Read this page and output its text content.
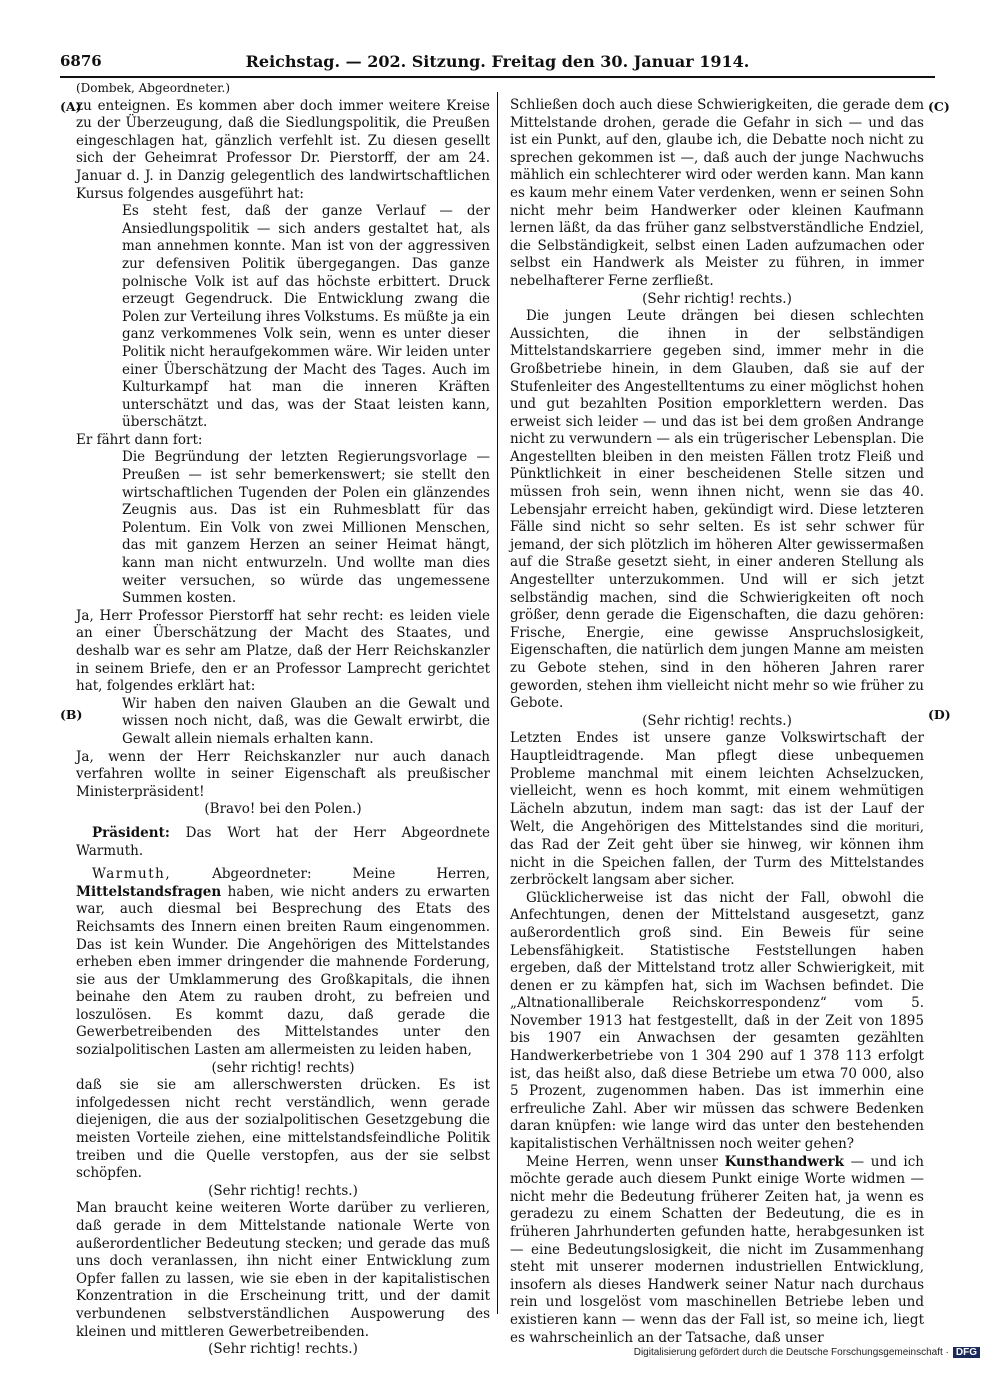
6876	Reichstag. — 202. Sitzung. Freitag den 30. Januar 1914.
(A)
(B)
(C)
(D)

(Dombek, Abgeordneter.)

zu enteignen. Es kommen aber doch immer weitere Kreise zu der Überzeugung, daß die Siedlungspolitik, die Preußen eingeschlagen hat, gänzlich verfehlt ist. Zu diesen gesellt sich der Geheimrat Professor Dr. Pierstorff, der am 24. Januar d. J. in Danzig gelegentlich des landwirtschaftlichen Kursus folgendes ausgeführt hat:

Es steht fest, daß der ganze Verlauf — der Ansiedlungspolitik — sich anders gestaltet hat, als man annehmen konnte. Man ist von der aggressiven zur defensiven Politik übergegangen. Das ganze polnische Volk ist auf das höchste erbittert. Druck erzeugt Gegendruck. Die Entwicklung zwang die Polen zur Verteilung ihres Volkstums. Es müßte ja ein ganz verkommenes Volk sein, wenn es unter dieser Politik nicht heraufgekommen wäre. Wir leiden unter einer Überschätzung der Macht des Tages. Auch im Kulturkampf hat man die inneren Kräften unterschätzt und das, was der Staat leisten kann, überschätzt.

Er fährt dann fort:

Die Begründung der letzten Regierungsvorlage — Preußen — ist sehr bemerkenswert; sie stellt den wirtschaftlichen Tugenden der Polen ein glänzendes Zeugnis aus. Das ist ein Ruhmesblatt für das Polentum. Ein Volk von zwei Millionen Menschen, das mit ganzem Herzen an seiner Heimat hängt, kann man nicht entwurzeln. Und wollte man dies weiter versuchen, so würde das ungemessene Summen kosten.

Ja, Herr Professor Pierstorff hat sehr recht: es leiden viele an einer Überschätzung der Macht des Staates, und deshalb war es sehr am Platze, daß der Herr Reichskanzler in seinem Briefe, den er an Professor Lamprecht gerichtet hat, folgendes erklärt hat:

Wir haben den naiven Glauben an die Gewalt und wissen noch nicht, daß, was die Gewalt erwirbt, die Gewalt allein niemals erhalten kann.

Ja, wenn der Herr Reichskanzler nur auch danach verfahren wollte in seiner Eigenschaft als preußischer Ministerpräsident!

(Bravo! bei den Polen.)

Präsident: Das Wort hat der Herr Abgeordnete Warmuth.

Warmuth, Abgeordneter: Meine Herren, Mittelstandsfragen haben, wie nicht anders zu erwarten war, auch diesmal bei Besprechung des Etats des Reichsamts des Innern einen breiten Raum eingenommen. Das ist kein Wunder. Die Angehörigen des Mittelstandes erheben eben immer dringender die mahnende Forderung, sie aus der Umklammerung des Großkapitals, die ihnen beinahe den Atem zu rauben droht, zu befreien und loszulösen. Es kommt dazu, daß gerade die Gewerbetreibenden des Mittelstandes unter den sozialpolitischen Lasten am allermeisten zu leiden haben,

(sehr richtig! rechts)

daß sie sie am allerschwersten drücken. Es ist infolgedessen nicht recht verständlich, wenn gerade diejenigen, die aus der sozialpolitischen Gesetzgebung die meisten Vorteile ziehen, eine mittelstandsfeindliche Politik treiben und die Quelle verstopfen, aus der sie selbst schöpfen.

(Sehr richtig! rechts.)

Man braucht keine weiteren Worte darüber zu verlieren, daß gerade in dem Mittelstande nationale Werte von außerordentlicher Bedeutung stecken; und gerade das muß uns doch veranlassen, ihn nicht einer Entwicklung zum Opfer fallen zu lassen, wie sie eben in der kapitalistischen Konzentration in die Erscheinung tritt, und der damit verbundenen selbstverständlichen Auspowerung des kleinen und mittleren Gewerbetreibenden.

(Sehr richtig! rechts.)

Schließen doch auch diese Schwierigkeiten, die gerade dem Mittelstande drohen, gerade die Gefahr in sich — und das ist ein Punkt, auf den, glaube ich, die Debatte noch nicht zu sprechen gekommen ist —, daß auch der junge Nachwuchs mählich ein schlechterer wird oder werden kann. Man kann es kaum mehr einem Vater verdenken, wenn er seinen Sohn nicht mehr beim Handwerker oder kleinen Kaufmann lernen läßt, da das früher ganz selbstverständliche Endziel, die Selbständigkeit, selbst einen Laden aufzumachen oder selbst ein Handwerk als Meister zu führen, in immer nebelhafterer Ferne zerfließt.

(Sehr richtig! rechts.)

Die jungen Leute drängen bei diesen schlechten Aussichten, die ihnen in der selbständigen Mittelstandskarriere gegeben sind, immer mehr in die Großbetriebe hinein, in dem Glauben, daß sie auf der Stufenleiter des Angestelltentums zu einer möglichst hohen und gut bezahlten Position emporklettern werden. Das erweist sich leider — und das ist bei dem großen Andrange nicht zu verwundern — als ein trügerischer Lebensplan. Die Angestellten bleiben in den meisten Fällen trotz Fleiß und Pünktlichkeit in einer bescheidenen Stelle sitzen und müssen froh sein, wenn ihnen nicht, wenn sie das 40. Lebensjahr erreicht haben, gekündigt wird. Diese letzteren Fälle sind nicht so sehr selten. Es ist sehr schwer für jemand, der sich plötzlich im höheren Alter gewissermaßen auf die Straße gesetzt sieht, in einer anderen Stellung als Angestellter unterzukommen. Und will er sich jetzt selbständig machen, sind die Schwierigkeiten oft noch größer, denn gerade die Eigenschaften, die dazu gehören: Frische, Energie, eine gewisse Anspruchslosigkeit, Eigenschaften, die natürlich dem jungen Manne am meisten zu Gebote stehen, sind in den höheren Jahren rarer geworden, stehen ihm vielleicht nicht mehr so wie früher zu Gebote.

(Sehr richtig! rechts.)

Letzten Endes ist unsere ganze Volkswirtschaft der Hauptleidtragende. Man pflegt diese unbequemen Probleme manchmal mit einem leichten Achselzucken, vielleicht, wenn es hoch kommt, mit einem wehmütigen Lächeln abzutun, indem man sagt: das ist der Lauf der Welt, die Angehörigen des Mittelstandes sind die morituri, das Rad der Zeit geht über sie hinweg, wir können ihm nicht in die Speichen fallen, der Turm des Mittelstandes zerbröckelt langsam aber sicher.

Glücklicherweise ist das nicht der Fall, obwohl die Anfechtungen, denen der Mittelstand ausgesetzt, ganz außerordentlich groß sind. Ein Beweis für seine Lebensfähigkeit. Statistische Feststellungen haben ergeben, daß der Mittelstand trotz aller Schwierigkeit, mit denen er zu kämpfen hat, sich im Wachsen befindet. Die „Altnationalliberale Reichskorrespondenz“ vom 5. November 1913 hat festgestellt, daß in der Zeit von 1895 bis 1907 ein Anwachsen der gesamten gezählten Handwerkerbetriebe von 1 304 290 auf 1 378 113 erfolgt ist, das heißt also, daß diese Betriebe um etwa 70 000, also 5 Prozent, zugenommen haben. Das ist immerhin eine erfreuliche Zahl. Aber wir müssen das schwere Bedenken daran knüpfen: wie lange wird das unter den bestehenden kapitalistischen Verhältnissen noch weiter gehen?

Meine Herren, wenn unser Kunsthandwerk — und ich möchte gerade auch diesem Punkt einige Worte widmen — nicht mehr die Bedeutung früherer Zeiten hat, ja wenn es geradezu zu einem Schatten der Bedeutung, die es in früheren Jahrhunderten gefunden hatte, herabgesunken ist — eine Bedeutungslosigkeit, die nicht im Zusammenhang steht mit unserer modernen industriellen Entwicklung, insofern als dieses Handwerk seiner Natur nach durchaus rein und losgelöst vom maschinellen Betriebe leben und existieren kann — wenn das der Fall ist, so meine ich, liegt es wahrscheinlich an der Tatsache, daß unser

Digitalisierung gefördert durch die Deutsche Forschungsgemeinschaft · DFG
